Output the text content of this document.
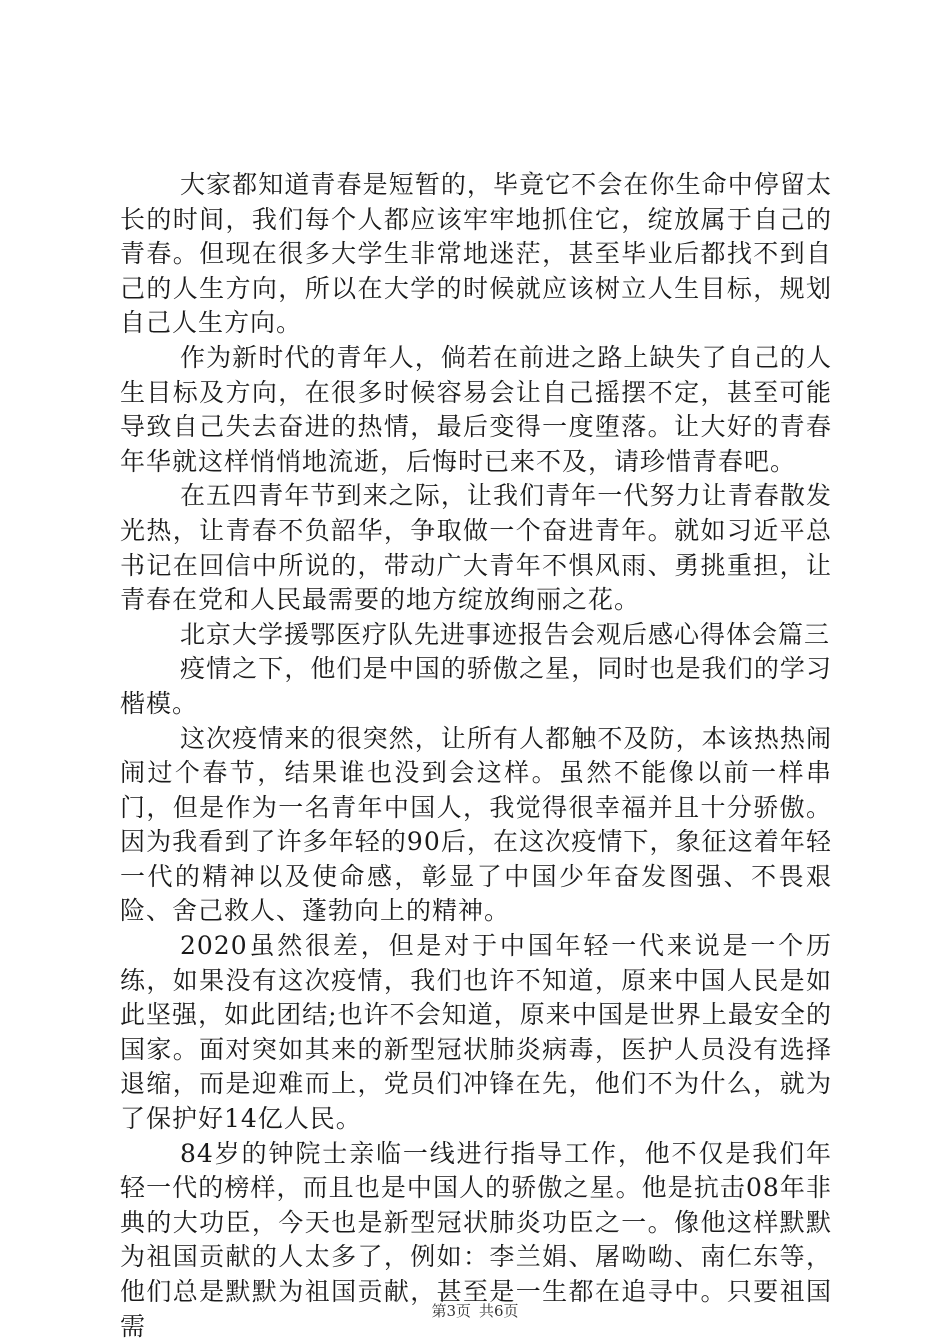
大家都知道青春是短暂的，毕竟它不会在你生命中停留太长的时间，我们每个人都应该牢牢地抓住它，绽放属于自己的青春。但现在很多大学生非常地迷茫，甚至毕业后都找不到自己的人生方向，所以在大学的时候就应该树立人生目标，规划自己人生方向。

作为新时代的青年人，倘若在前进之路上缺失了自己的人生目标及方向，在很多时候容易会让自己摇摆不定，甚至可能导致自己失去奋进的热情，最后变得一度堕落。让大好的青春年华就这样悄悄地流逝，后悔时已来不及，请珍惜青春吧。

在五四青年节到来之际，让我们青年一代努力让青春散发光热，让青春不负韶华，争取做一个奋进青年。就如习近平总书记在回信中所说的，带动广大青年不惧风雨、勇挑重担，让青春在党和人民最需要的地方绽放绚丽之花。

北京大学援鄂医疗队先进事迹报告会观后感心得体会篇三

疫情之下，他们是中国的骄傲之星，同时也是我们的学习楷模。

这次疫情来的很突然，让所有人都触不及防，本该热热闹闹过个春节，结果谁也没到会这样。虽然不能像以前一样串门，但是作为一名青年中国人，我觉得很幸福并且十分骄傲。因为我看到了许多年轻的90后，在这次疫情下，象征这着年轻一代的精神以及使命感，彰显了中国少年奋发图强、不畏艰险、舍己救人、蓬勃向上的精神。

2020虽然很差，但是对于中国年轻一代来说是一个历练，如果没有这次疫情，我们也许不知道，原来中国人民是如此坚强，如此团结;也许不会知道，原来中国是世界上最安全的国家。面对突如其来的新型冠状肺炎病毒，医护人员没有选择退缩，而是迎难而上，党员们冲锋在先，他们不为什么，就为了保护好14亿人民。

84岁的钟院士亲临一线进行指导工作，他不仅是我们年轻一代的榜样，而且也是中国人的骄傲之星。他是抗击08年非典的大功臣，今天也是新型冠状肺炎功臣之一。像他这样默默为祖国贡献的人太多了，例如：李兰娟、屠呦呦、南仁东等，他们总是默默为祖国贡献，甚至是一生都在追寻中。只要祖国需

第3页 共6页
